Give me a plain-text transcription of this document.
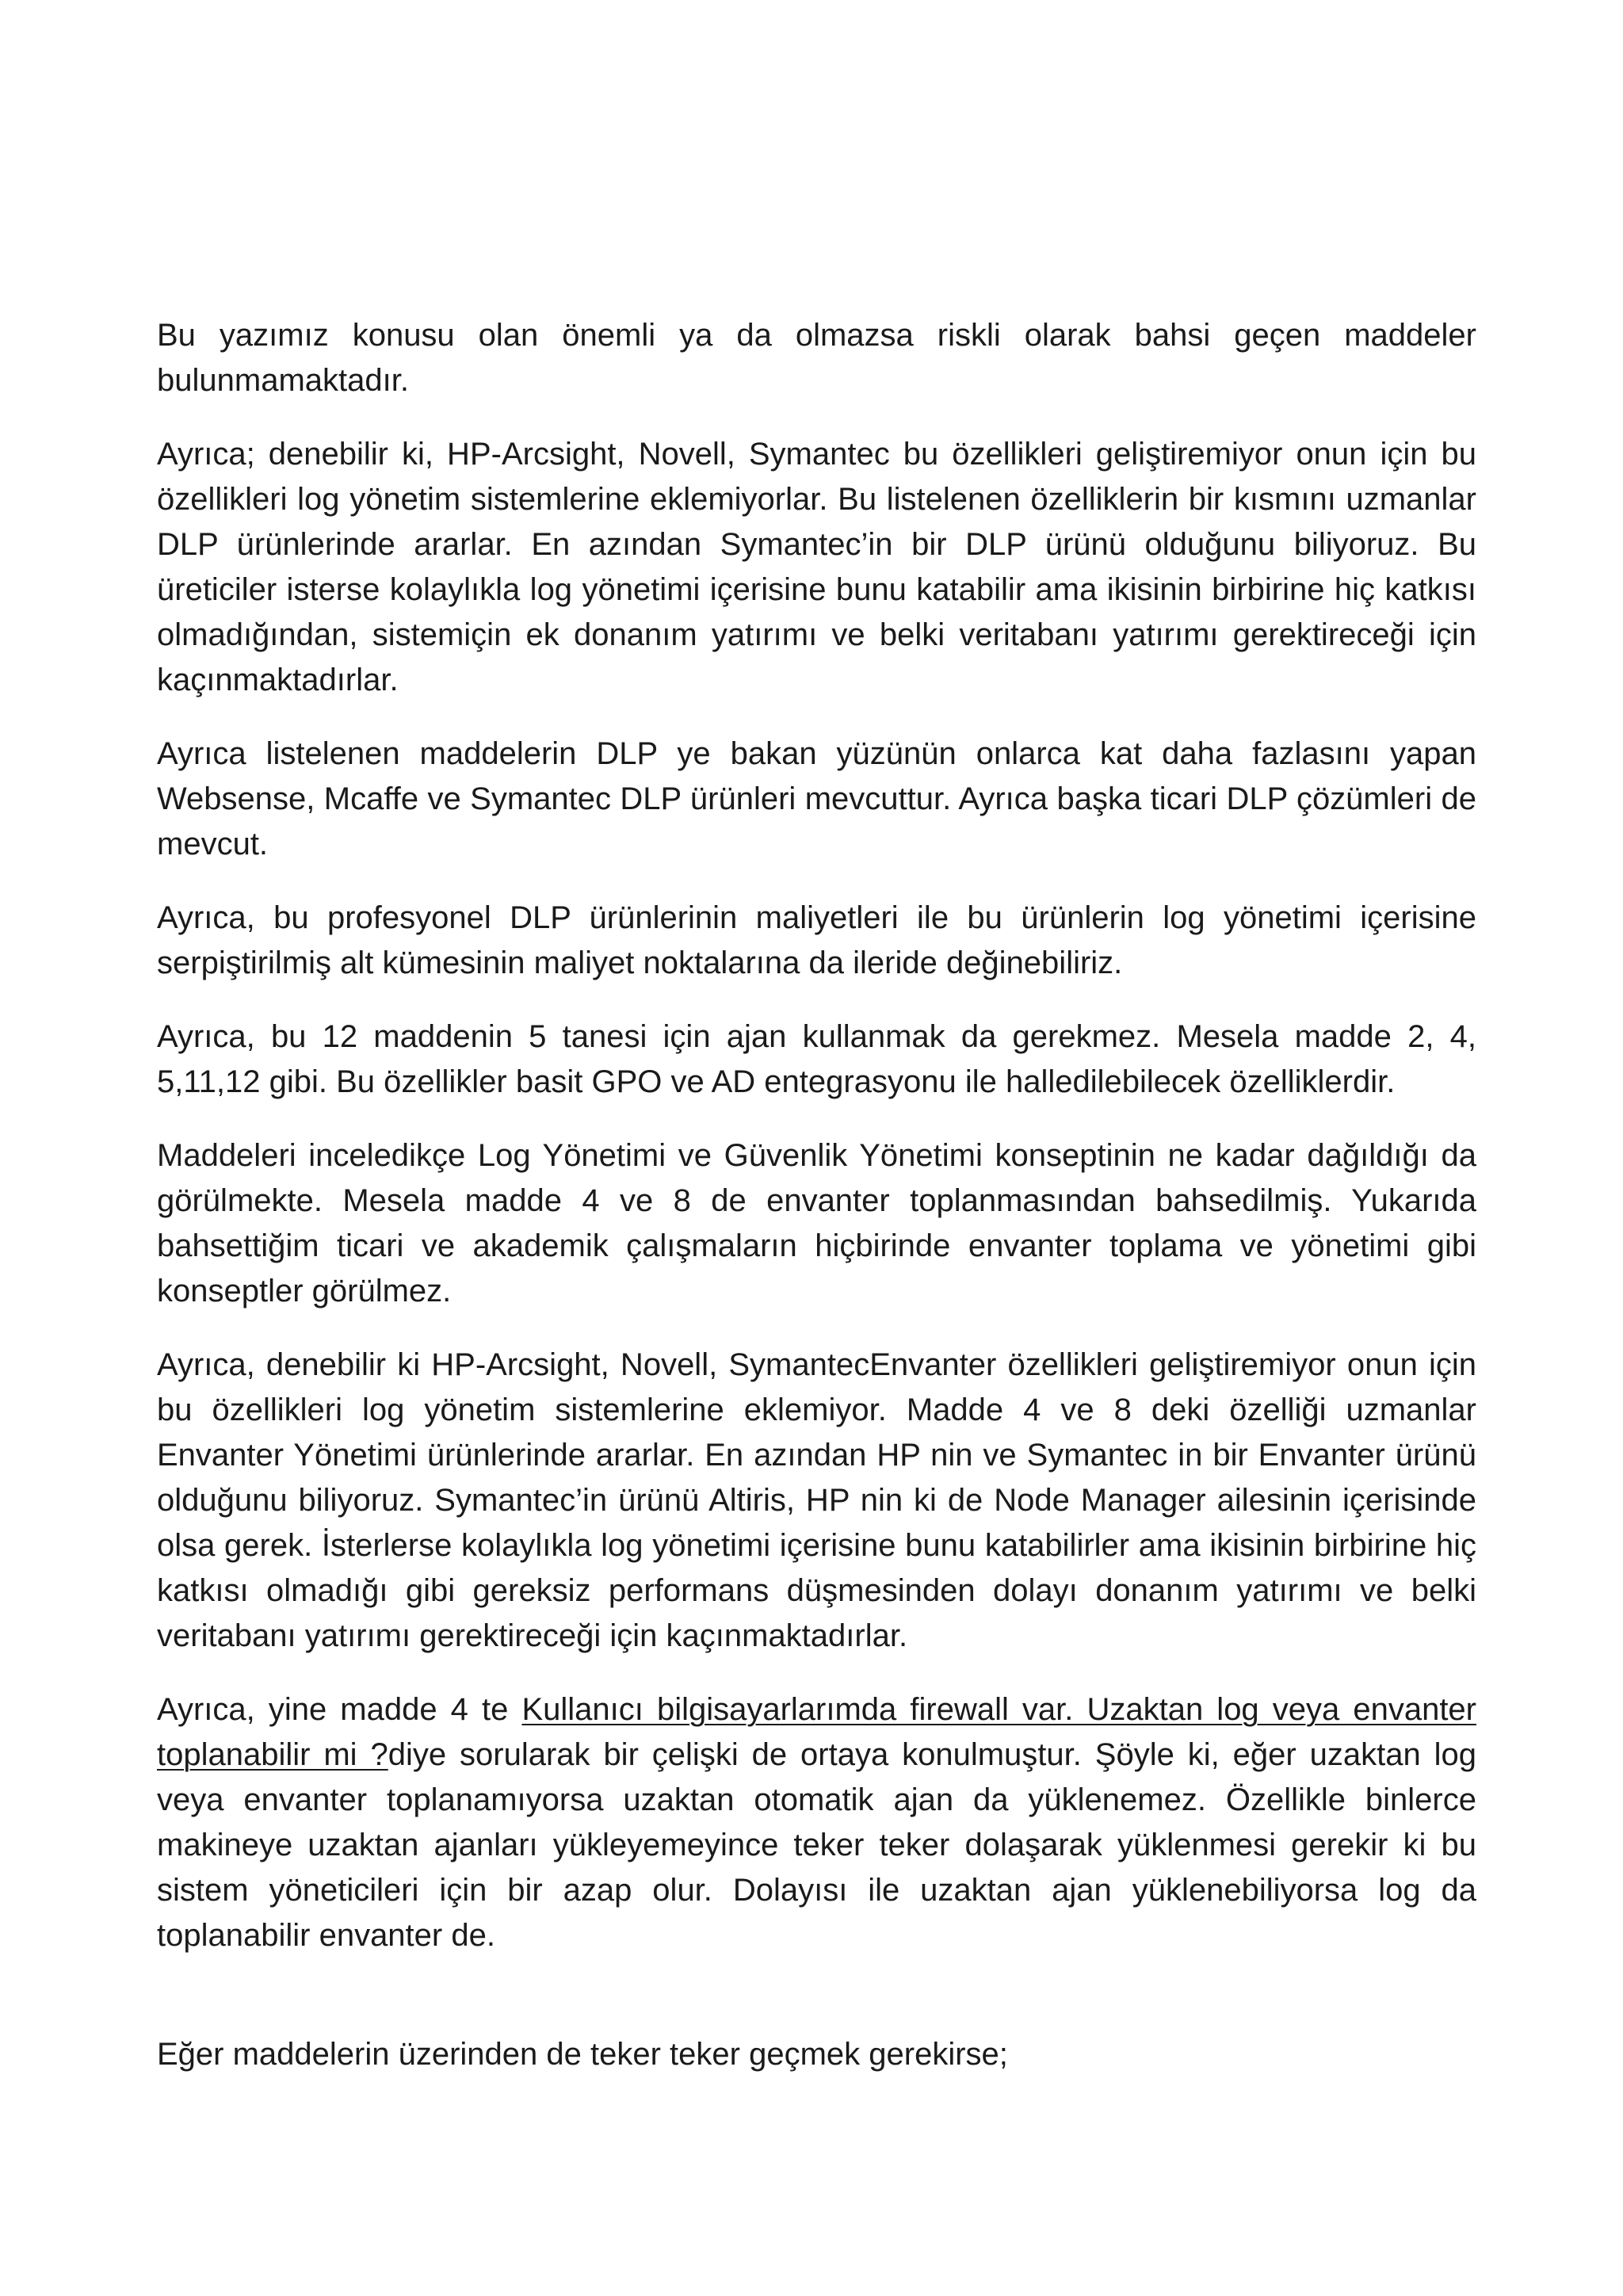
Bu yazımız konusu olan önemli ya da olmazsa riskli olarak bahsi geçen maddeler bulunmamaktadır.

Ayrıca; denebilir ki, HP-Arcsight, Novell, Symantec bu özellikleri geliştiremiyor onun için bu özellikleri log yönetim sistemlerine eklemiyorlar. Bu listelenen özelliklerin bir kısmını uzmanlar DLP ürünlerinde ararlar. En azından Symantec’in bir DLP ürünü olduğunu biliyoruz. Bu üreticiler isterse kolaylıkla log yönetimi içerisine bunu katabilir ama ikisinin birbirine hiç katkısı olmadığından, sistemiçin ek donanım yatırımı ve belki veritabanı yatırımı gerektireceği için kaçınmaktadırlar.

Ayrıca listelenen maddelerin DLP ye bakan yüzünün onlarca kat daha fazlasını yapan Websense, Mcaffe ve Symantec DLP ürünleri mevcuttur. Ayrıca başka ticari DLP çözümleri de mevcut.

Ayrıca, bu profesyonel DLP ürünlerinin maliyetleri ile bu ürünlerin log yönetimi içerisine serpiştirilmiş alt kümesinin maliyet noktalarına da ileride değinebiliriz.

Ayrıca, bu 12 maddenin 5 tanesi için ajan kullanmak da gerekmez. Mesela madde 2, 4, 5,11,12 gibi. Bu özellikler basit GPO ve AD entegrasyonu ile halledilebilecek özelliklerdir.

Maddeleri inceledikçe Log Yönetimi ve Güvenlik Yönetimi konseptinin ne kadar dağıldığı da görülmekte. Mesela madde 4 ve 8 de envanter toplanmasından bahsedilmiş. Yukarıda bahsettiğim ticari ve akademik çalışmaların hiçbirinde envanter toplama ve yönetimi gibi konseptler görülmez.

Ayrıca, denebilir ki HP-Arcsight, Novell, SymantecEnvanter özellikleri geliştiremiyor onun için bu özellikleri log yönetim sistemlerine eklemiyor. Madde 4 ve 8 deki özelliği uzmanlar Envanter Yönetimi ürünlerinde ararlar. En azından HP nin ve Symantec in bir Envanter ürünü olduğunu biliyoruz. Symantec’in ürünü Altiris, HP nin ki de Node Manager ailesinin içerisinde olsa gerek. İsterlerse kolaylıkla log yönetimi içerisine bunu katabilirler ama ikisinin birbirine hiç katkısı olmadığı gibi gereksiz performans düşmesinden dolayı donanım yatırımı ve belki veritabanı yatırımı gerektireceği için kaçınmaktadırlar.

Ayrıca, yine madde 4 te Kullanıcı bilgisayarlarımda firewall var. Uzaktan log veya envanter toplanabilir mi ?diye sorularak bir çelişki de ortaya konulmuştur. Şöyle ki, eğer uzaktan log veya envanter toplanamıyorsa uzaktan otomatik ajan da yüklenemez. Özellikle binlerce makineye uzaktan ajanları yükleyemeyince teker teker dolaşarak yüklenmesi gerekir ki bu sistem yöneticileri için bir azap olur. Dolayısı ile uzaktan ajan yüklenebiliyorsa log da toplanabilir envanter de.

Eğer maddelerin üzerinden de teker teker geçmek gerekirse;
